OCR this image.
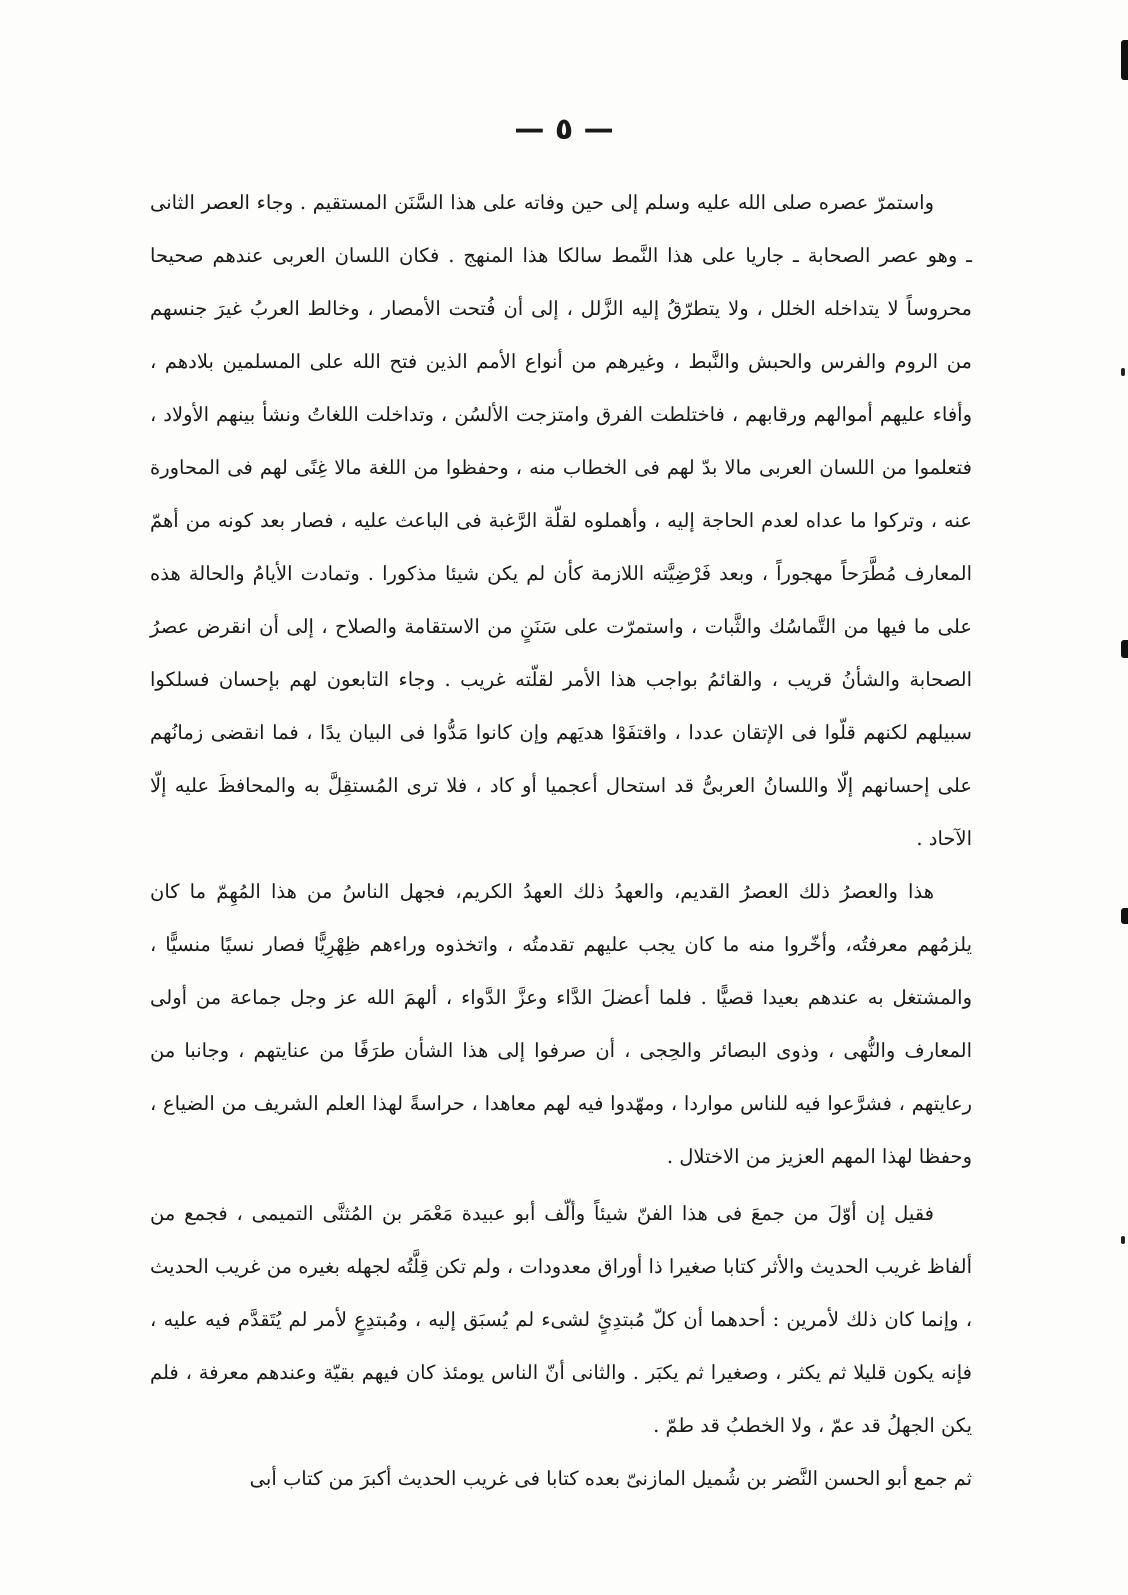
— ٥ —

واستمرّ عصره صلى الله عليه وسلم إلى حين وفاته على هذا السَّنَن المستقيم . وجاء العصر الثانى ـ وهو عصر الصحابة ـ جاريا على هذا النَّمط سالكا هذا المنهج . فكان اللسان العربى عندهم صحيحا محروساً لا يتداخله الخلل ، ولا يتطرّقُ إليه الزَّلل ، إلى أن فُتحت الأمصار ، وخالط العربُ غيرَ جنسهم من الروم والفرس والحبش والنَّبط ، وغيرهم من أنواع الأمم الذين فتح الله على المسلمين بلادهم ، وأفاء عليهم أموالهم ورقابهم ، فاختلطت الفرق وامتزجت الألسُن ، وتداخلت اللغاتُ ونشأ بينهم الأولاد ، فتعلموا من اللسان العربى مالا بدّ لهم فى الخطاب منه ، وحفظوا من اللغة مالا غِنًى لهم فى المحاورة عنه ، وتركوا ما عداه لعدم الحاجة إليه ، وأهملوه لقلّة الرَّغبة فى الباعث عليه ، فصار بعد كونه من أهمّ المعارف مُطَّرَحاً مهجوراً ، وبعد فَرْضِيَّته اللازمة كأن لم يكن شيئا مذكورا . وتمادت الأيامُ والحالة هذه على ما فيها من التَّماسُك والثَّبات ، واستمرّت على سَنَنٍ من الاستقامة والصلاح ، إلى أن انقرض عصرُ الصحابة والشأنُ قريب ، والقائمُ بواجب هذا الأمر لقلّته غريب . وجاء التابعون لهم بإحسان فسلكوا سبيلهم لكنهم قلّوا فى الإتقان عددا ، واقتفَوْا هديَهم وإن كانوا مَدُّوا فى البيان يدًا ، فما انقضى زمانُهم على إحسانهم إلّا واللسانُ العربىُّ قد استحال أعجميا أو كاد ، فلا ترى المُستقِلَّ به والمحافظَ عليه إلّا الآحاد .

هذا والعصرُ ذلك العصرُ القديم، والعهدُ ذلك العهدُ الكريم، فجهل الناسُ من هذا المُهِمّ ما كان يلزمُهم معرفتُه، وأخّروا منه ما كان يجب عليهم تقدمتُه ، واتخذوه وراءهم ظِهْرِيًّا فصار نسيًا منسيًّا ، والمشتغل به عندهم بعيدا قصيًّا . فلما أعضلَ الدَّاء وعزَّ الدَّواء ، ألهمَ الله عز وجل جماعة من أولى المعارف والنُّهى ، وذوى البصائر والحِجى ، أن صرفوا إلى هذا الشأن طرَفًا من عنايتهم ، وجانبا من رعايتهم ، فشرَّعوا فيه للناس مواردا ، ومهّدوا فيه لهم معاهدا ، حراسةً لهذا العلم الشريف من الضياع ، وحفظا لهذا المهم العزيز من الاختلال .

فقيل إن أوّلَ من جمعَ فى هذا الفنّ شيئاً وألّف أبو عبيدة مَعْمَر بن المُثنَّى التميمى ، فجمع من ألفاظ غريب الحديث والأثر كتابا صغيرا ذا أوراق معدودات ، ولم تكن قِلَّتُه لجهله بغيره من غريب الحديث ، وإنما كان ذلك لأمرين : أحدهما أن كلّ مُبتدِئٍ لشىء لم يُسبَق إليه ، ومُبتدِعٍ لأمر لم يُتَقدَّم فيه عليه ، فإنه يكون قليلا ثم يكثر ، وصغيرا ثم يكبَر . والثانى أنّ الناس يومئذ كان فيهم بقيّة وعندهم معرفة ، فلم يكن الجهلُ قد عمّ ، ولا الخطبُ قد طمّ .

ثم جمع أبو الحسن النَّضر بن شُميل المازنىّ بعده كتابا فى غريب الحديث أكبرَ من كتاب أبى
